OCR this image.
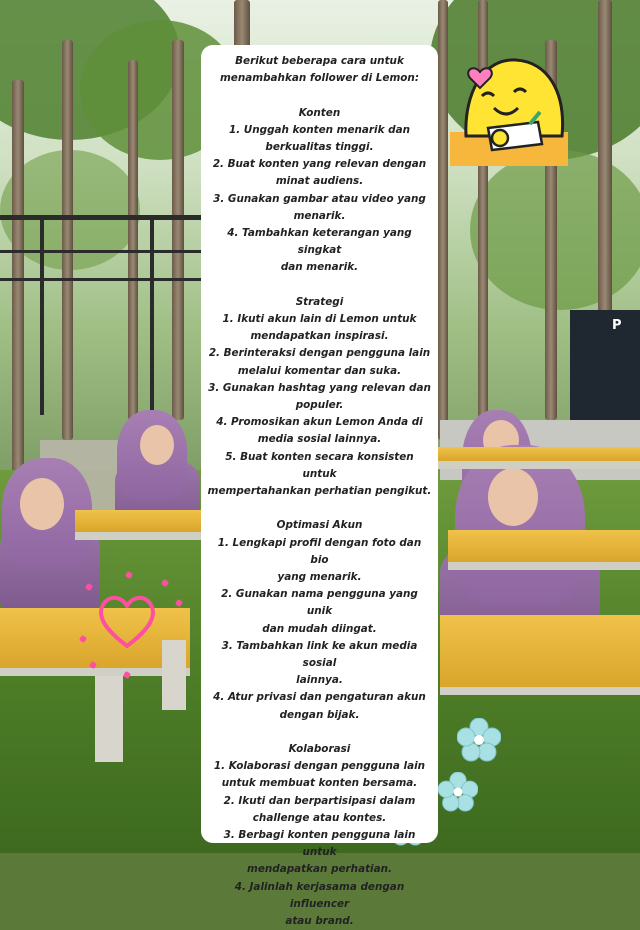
P

Berikut beberapa cara untuk

menambahkan follower di Lemon:

Konten

1. Unggah konten menarik dan

berkualitas tinggi.

2. Buat konten yang relevan dengan

minat audiens.

3. Gunakan gambar atau video yang

menarik.

4. Tambahkan keterangan yang singkat

dan menarik.

Strategi

1. Ikuti akun lain di Lemon untuk

mendapatkan inspirasi.

2. Berinteraksi dengan pengguna lain

melalui komentar dan suka.

3. Gunakan hashtag yang relevan dan

populer.

4. Promosikan akun Lemon Anda di

media sosial lainnya.

5. Buat konten secara konsisten untuk

mempertahankan perhatian pengikut.

Optimasi Akun

1. Lengkapi profil dengan foto dan bio

yang menarik.

2. Gunakan nama pengguna yang unik

dan mudah diingat.

3. Tambahkan link ke akun media sosial

lainnya.

4. Atur privasi dan pengaturan akun

dengan bijak.

Kolaborasi

1. Kolaborasi dengan pengguna lain

untuk membuat konten bersama.

2. Ikuti dan berpartisipasi dalam

challenge atau kontes.

3. Berbagi konten pengguna lain untuk

mendapatkan perhatian.

4. Jalinlah kerjasama dengan influencer

atau brand.
